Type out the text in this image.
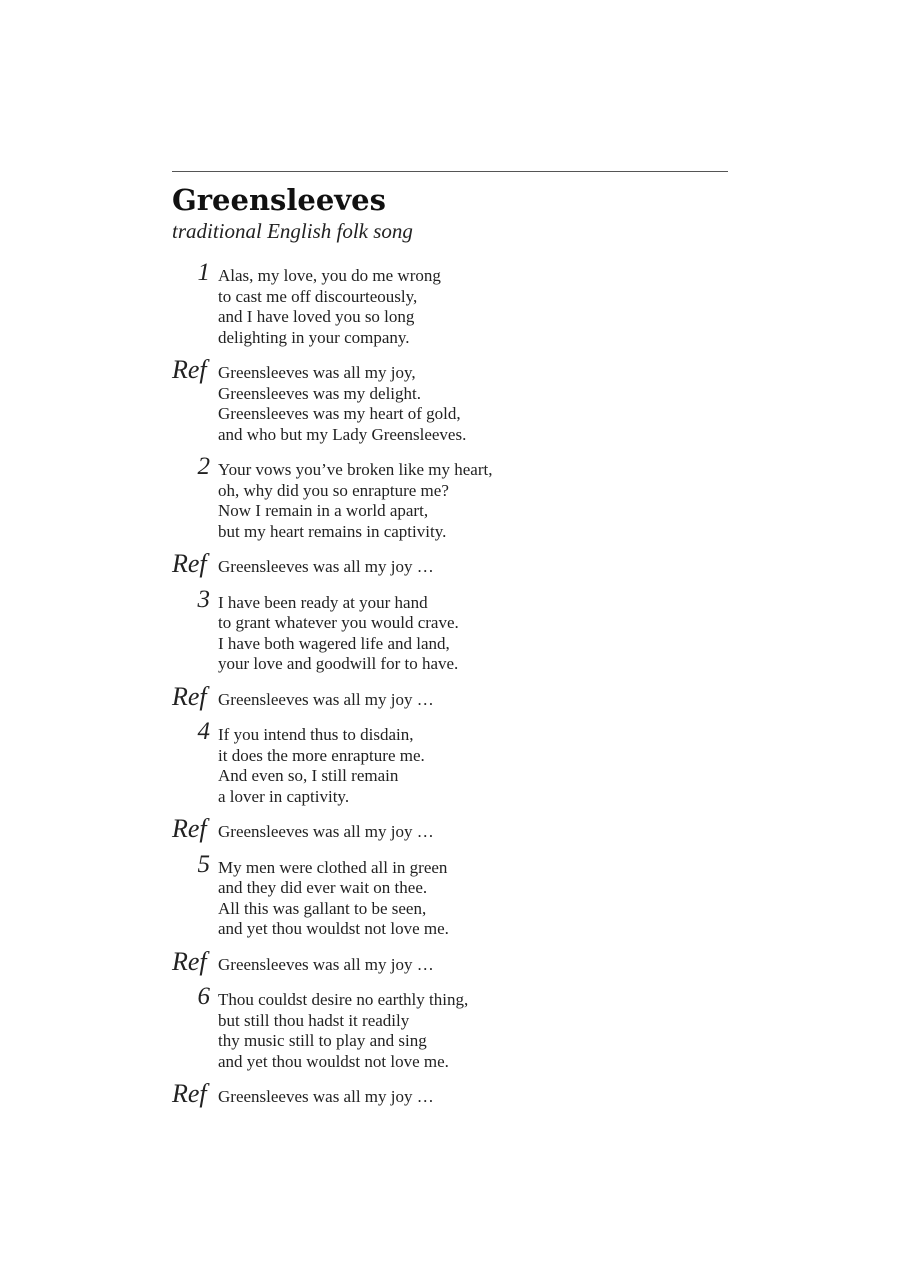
Greensleeves
traditional English folk song
1 Alas, my love, you do me wrong
to cast me off discourteously,
and I have loved you so long
delighting in your company.
Ref Greensleeves was all my joy,
Greensleeves was my delight.
Greensleeves was my heart of gold,
and who but my Lady Greensleeves.
2 Your vows you’ve broken like my heart,
oh, why did you so enrapture me?
Now I remain in a world apart,
but my heart remains in captivity.
Ref Greensleeves was all my joy …
3 I have been ready at your hand
to grant whatever you would crave.
I have both wagered life and land,
your love and goodwill for to have.
Ref Greensleeves was all my joy …
4 If you intend thus to disdain,
it does the more enrapture me.
And even so, I still remain
a lover in captivity.
Ref Greensleeves was all my joy …
5 My men were clothed all in green
and they did ever wait on thee.
All this was gallant to be seen,
and yet thou wouldst not love me.
Ref Greensleeves was all my joy …
6 Thou couldst desire no earthly thing,
but still thou hadst it readily
thy music still to play and sing
and yet thou wouldst not love me.
Ref Greensleeves was all my joy …
